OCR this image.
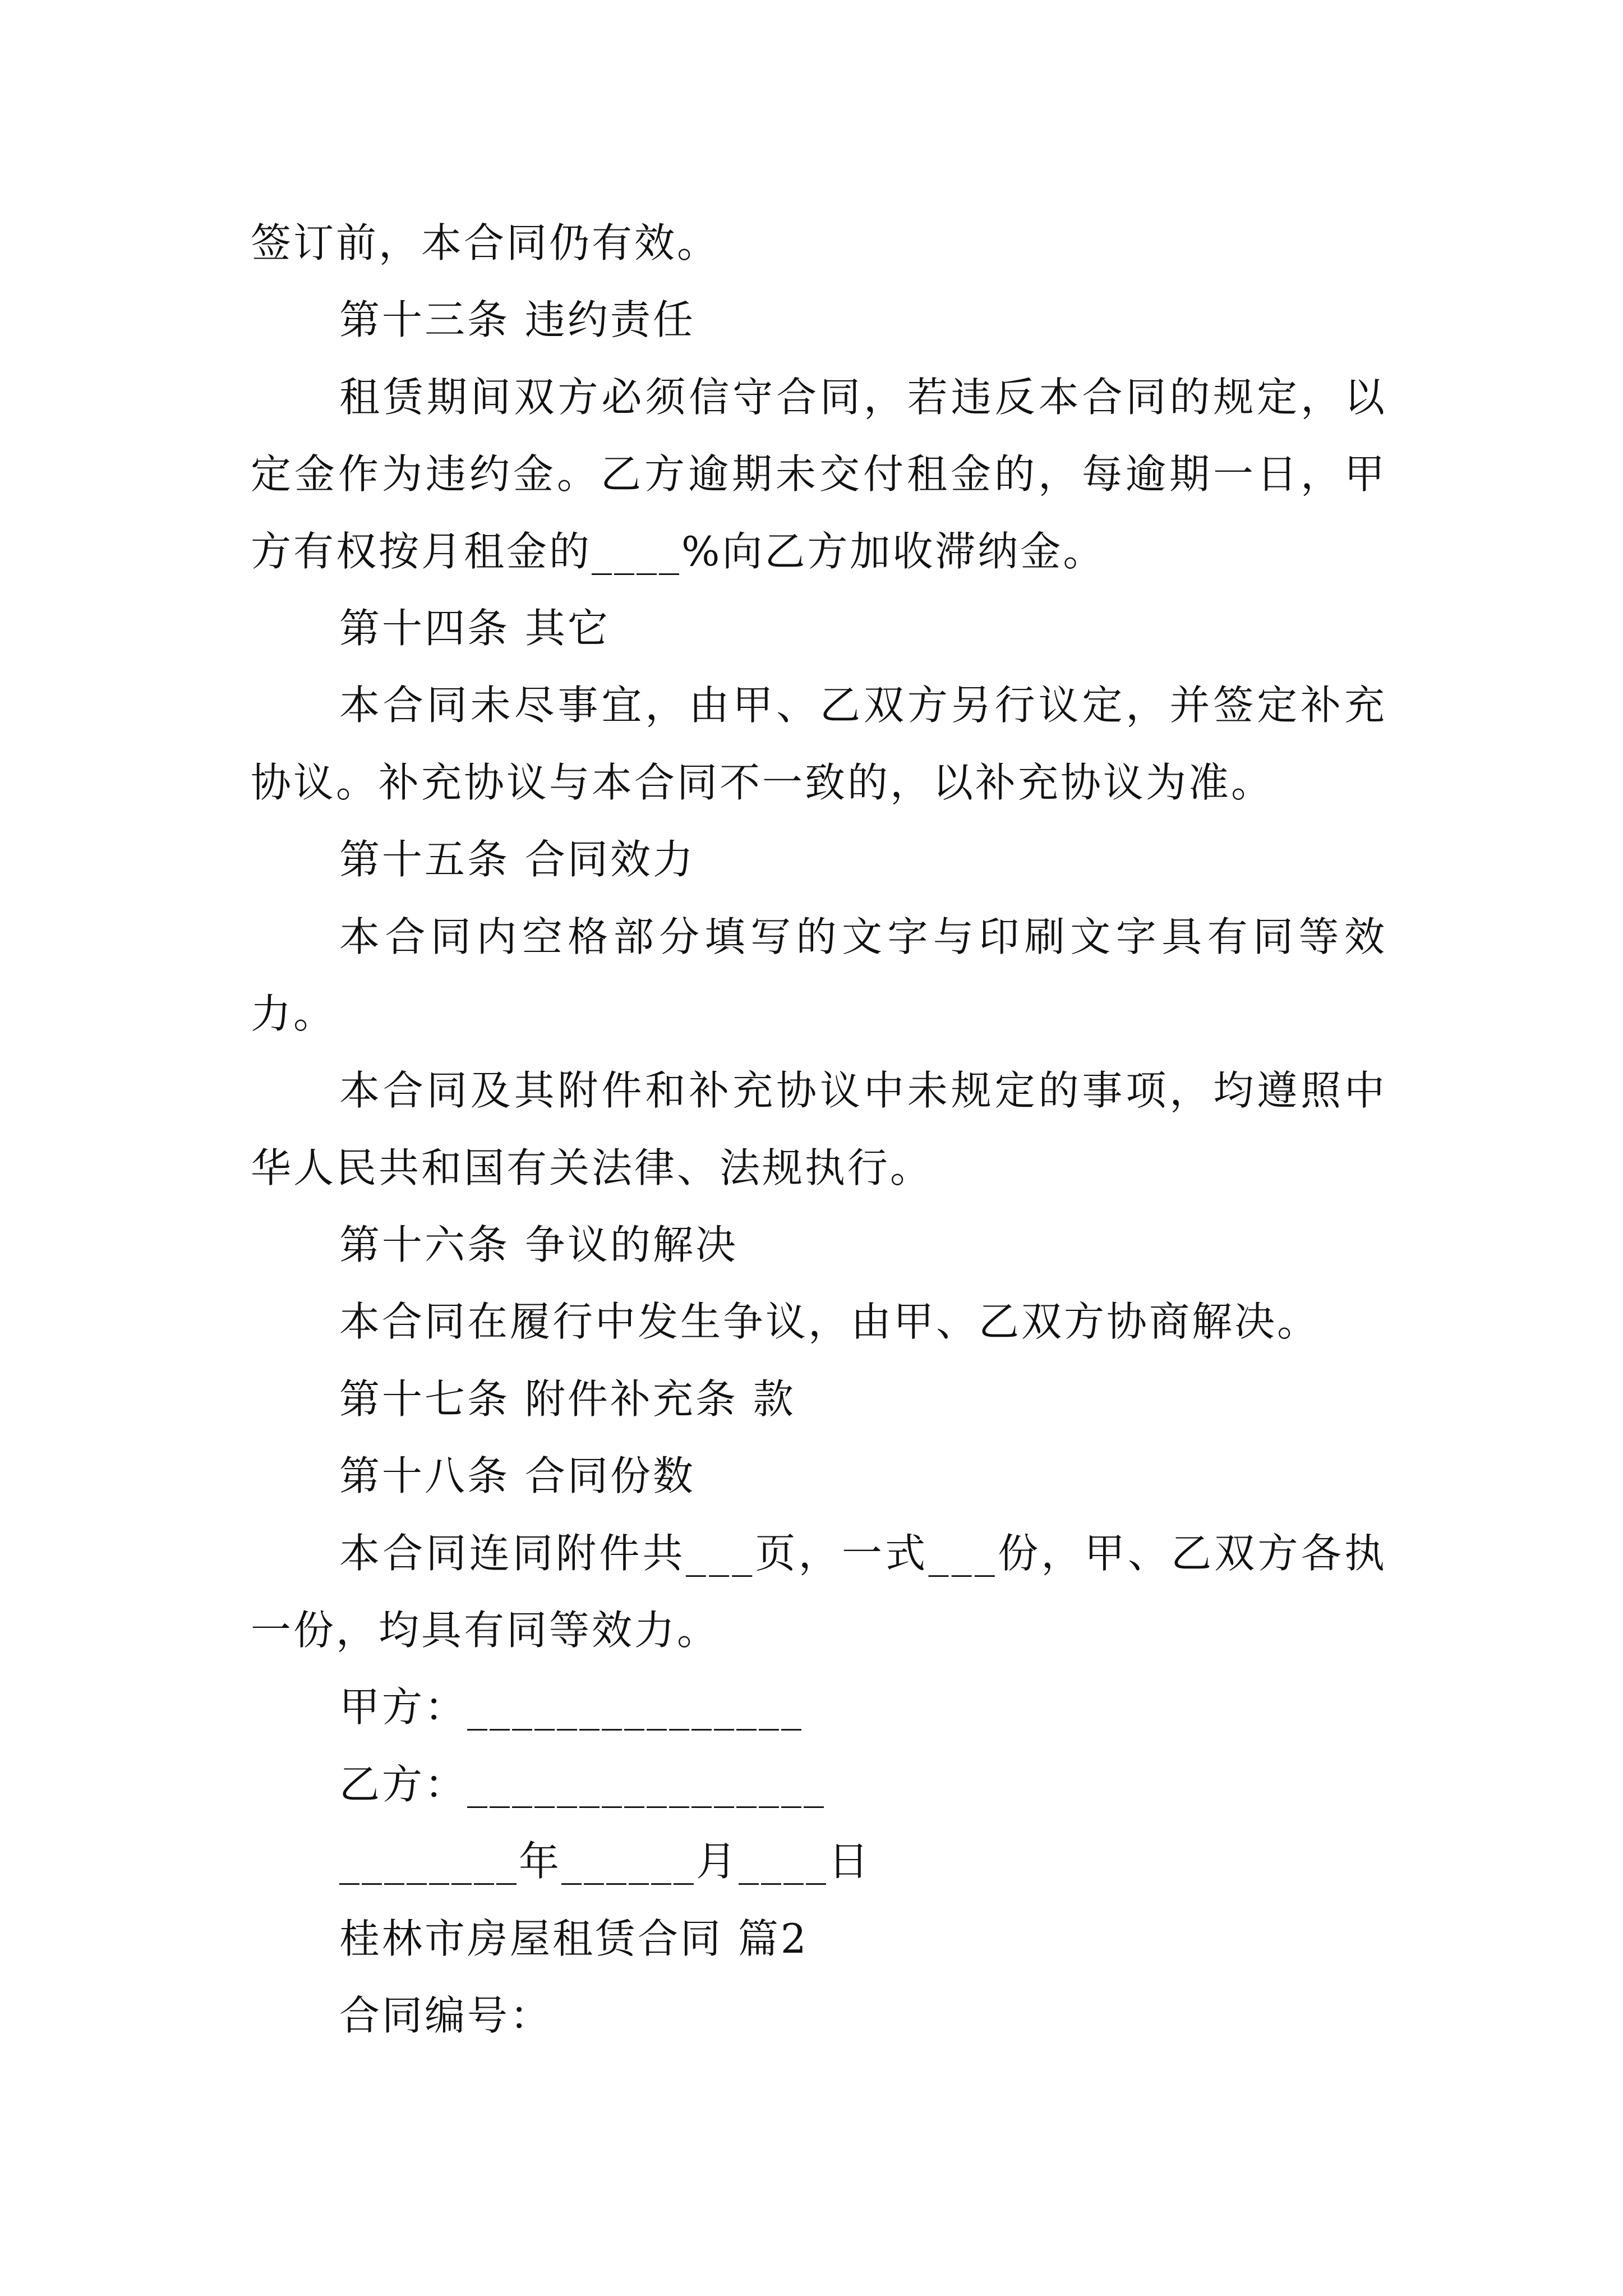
签订前，本合同仍有效。
第十三条 违约责任
租赁期间双方必须信守合同，若违反本合同的规定，以
定金作为违约金。乙方逾期未交付租金的，每逾期一日，甲
方有权按月租金的____%向乙方加收滞纳金。
第十四条 其它
本合同未尽事宜，由甲、乙双方另行议定，并签定补充
协议。补充协议与本合同不一致的，以补充协议为准。
第十五条 合同效力
本合同内空格部分填写的文字与印刷文字具有同等效
力。
本合同及其附件和补充协议中未规定的事项，均遵照中
华人民共和国有关法律、法规执行。
第十六条 争议的解决
本合同在履行中发生争议，由甲、乙双方协商解决。
第十七条 附件补充条 款
第十八条 合同份数
本合同连同附件共___页，一式___份，甲、乙双方各执
一份，均具有同等效力。
甲方：_______________
乙方：________________
________年______月____日
桂林市房屋租赁合同 篇2
合同编号：
